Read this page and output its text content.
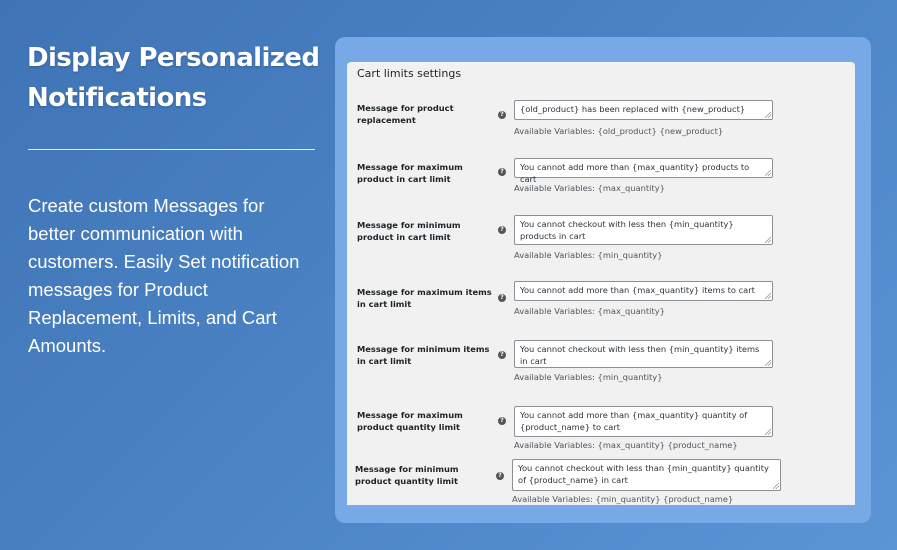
Display Personalized Notifications
Create custom Messages for better communication with customers. Easily Set notification messages for Product Replacement, Limits, and Cart Amounts.
Cart limits settings
Message for product replacement
?
{old_product} has been replaced with {new_product}
Available Variables: {old_product} {new_product}
Message for maximum product in cart limit
?	You cannot add more than {max_quantity} products to cart
Available Variables: {max_quantity}
Message for minimum product in cart limit
?
You cannot checkout with less then {min_quantity} products in cart
Available Variables: {min_quantity}
Message for maximum items in cart limit
?
You cannot add more than {max_quantity} items to cart
Available Variables: {max_quantity}
Message for minimum items in cart limit
?
You cannot checkout with less then {min_quantity} items in cart
Available Variables: {min_quantity}
Message for maximum product quantity limit
?
You cannot add more than {max_quantity} quantity of {product_name} to cart
Available Variables: {max_quantity} {product_name}
Message for minimum product quantity limit
?
You cannot checkout with less than {min_quantity} quantity of {product_name} in cart
Available Variables: {min_quantity} {product_name}
